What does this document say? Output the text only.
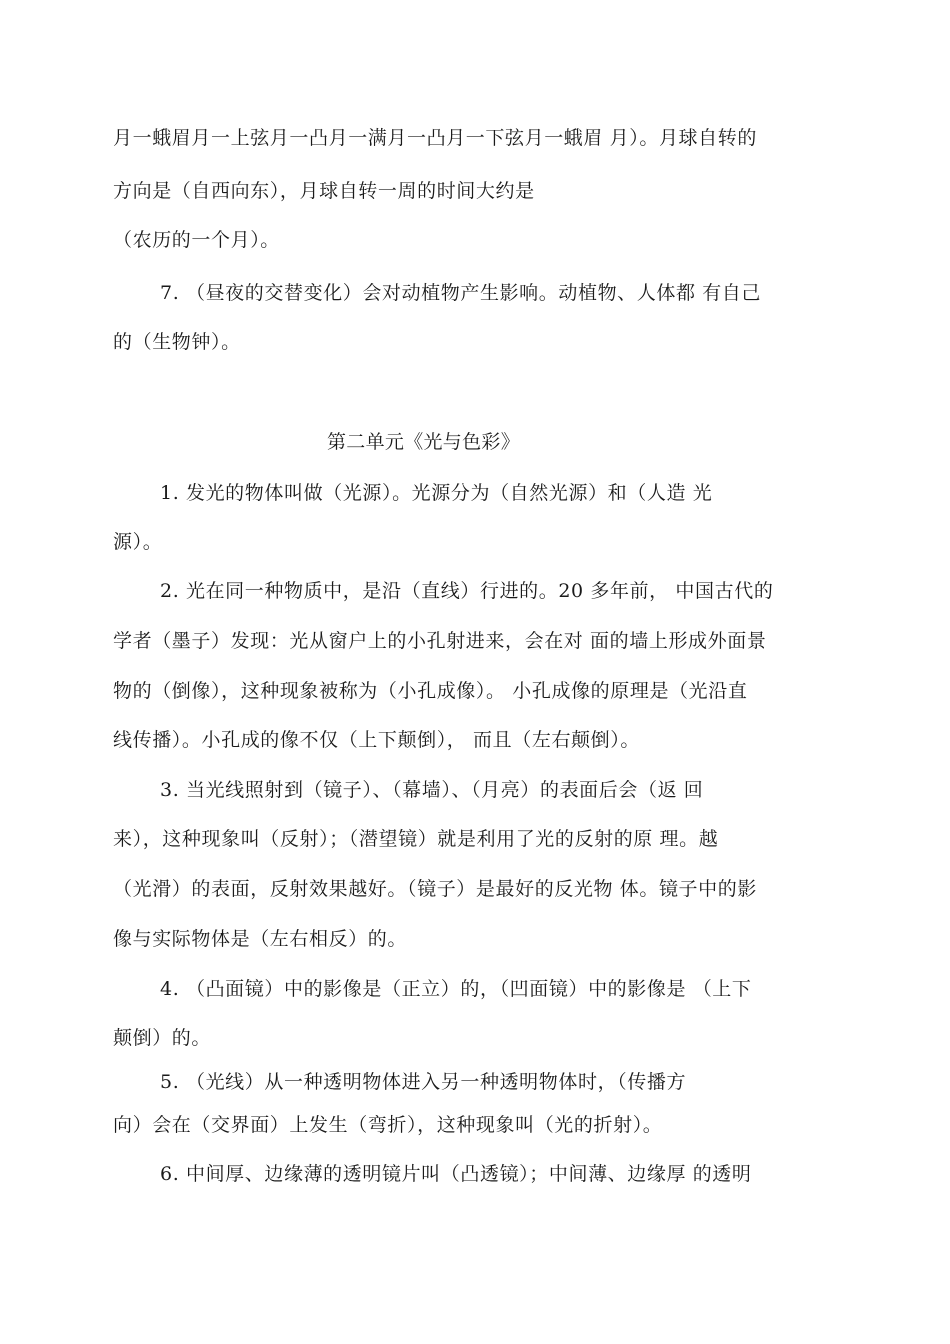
月一蛾眉月一上弦月一凸月一满月一凸月一下弦月一蛾眉 月）。月球自转的
方向是（自西向东），月球自转一周的时间大约是
（农历的一个月）。
7. （昼夜的交替变化）会对动植物产生影响。动植物、人体都 有自己
的（生物钟）。
第二单元《光与色彩》
1. 发光的物体叫做（光源）。光源分为（自然光源）和（人造 光
源）。
2. 光在同一种物质中，是沿（直线）行进的。20 多年前， 中国古代的
学者（墨子）发现：光从窗户上的小孔射进来，会在对 面的墙上形成外面景
物的（倒像），这种现象被称为（小孔成像）。 小孔成像的原理是（光沿直
线传播）。小孔成的像不仅（上下颠倒）， 而且（左右颠倒）。
3. 当光线照射到（镜子）、（幕墙）、（月亮）的表面后会（返 回
来），这种现象叫（反射）；（潜望镜）就是利用了光的反射的原 理。越
（光滑）的表面，反射效果越好。（镜子）是最好的反光物 体。镜子中的影
像与实际物体是（左右相反）的。
4. （凸面镜）中的影像是（正立）的，（凹面镜）中的影像是 （上下
颠倒）的。
5. （光线）从一种透明物体进入另一种透明物体时，（传播方
向）会在（交界面）上发生（弯折），这种现象叫（光的折射）。
6. 中间厚、边缘薄的透明镜片叫（凸透镜）；中间薄、边缘厚 的透明
